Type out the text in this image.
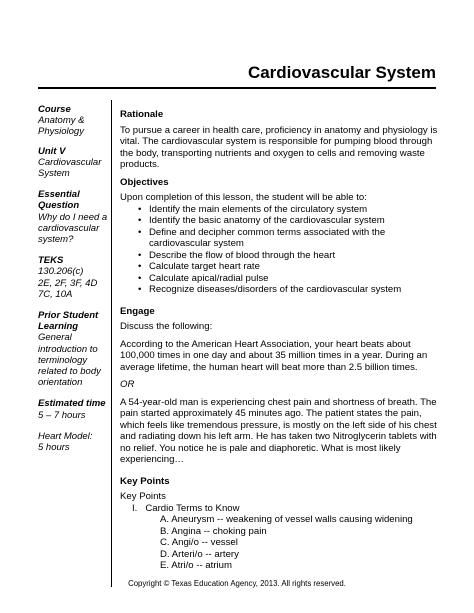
Cardiovascular System
Course
Anatomy & Physiology
Unit V
Cardiovascular System
Essential Question
Why do I need a cardiovascular system?
TEKS
130.206(c)
2E, 2F, 3F, 4D
7C, 10A
Prior Student Learning
General introduction to terminology related to body orientation
Estimated time
5 – 7 hours
Heart Model:
5 hours
Rationale
To pursue a career in health care, proficiency in anatomy and physiology is vital. The cardiovascular system is responsible for pumping blood through the body, transporting nutrients and oxygen to cells and removing waste products.
Objectives
Upon completion of this lesson, the student will be able to:
• Identify the main elements of the circulatory system
• Identify the basic anatomy of the cardiovascular system
• Define and decipher common terms associated with the cardiovascular system
• Describe the flow of blood through the heart
• Calculate target heart rate
• Calculate apical/radial pulse
• Recognize diseases/disorders of the cardiovascular system
Engage
Discuss the following:
According to the American Heart Association, your heart beats about 100,000 times in one day and about 35 million times in a year. During an average lifetime, the human heart will beat more than 2.5 billion times.
OR
A 54-year-old man is experiencing chest pain and shortness of breath. The pain started approximately 45 minutes ago. The patient states the pain, which feels like tremendous pressure, is mostly on the left side of his chest and radiating down his left arm. He has taken two Nitroglycerin tablets with no relief. You notice he is pale and diaphoretic. What is most likely experiencing…
Key Points
Key Points
I. Cardio Terms to Know
A. Aneurysm -- weakening of vessel walls causing widening
B. Angina -- choking pain
C. Angi/o -- vessel
D. Arteri/o -- artery
E. Atri/o -- atrium
Copyright © Texas Education Agency, 2013. All rights reserved.
